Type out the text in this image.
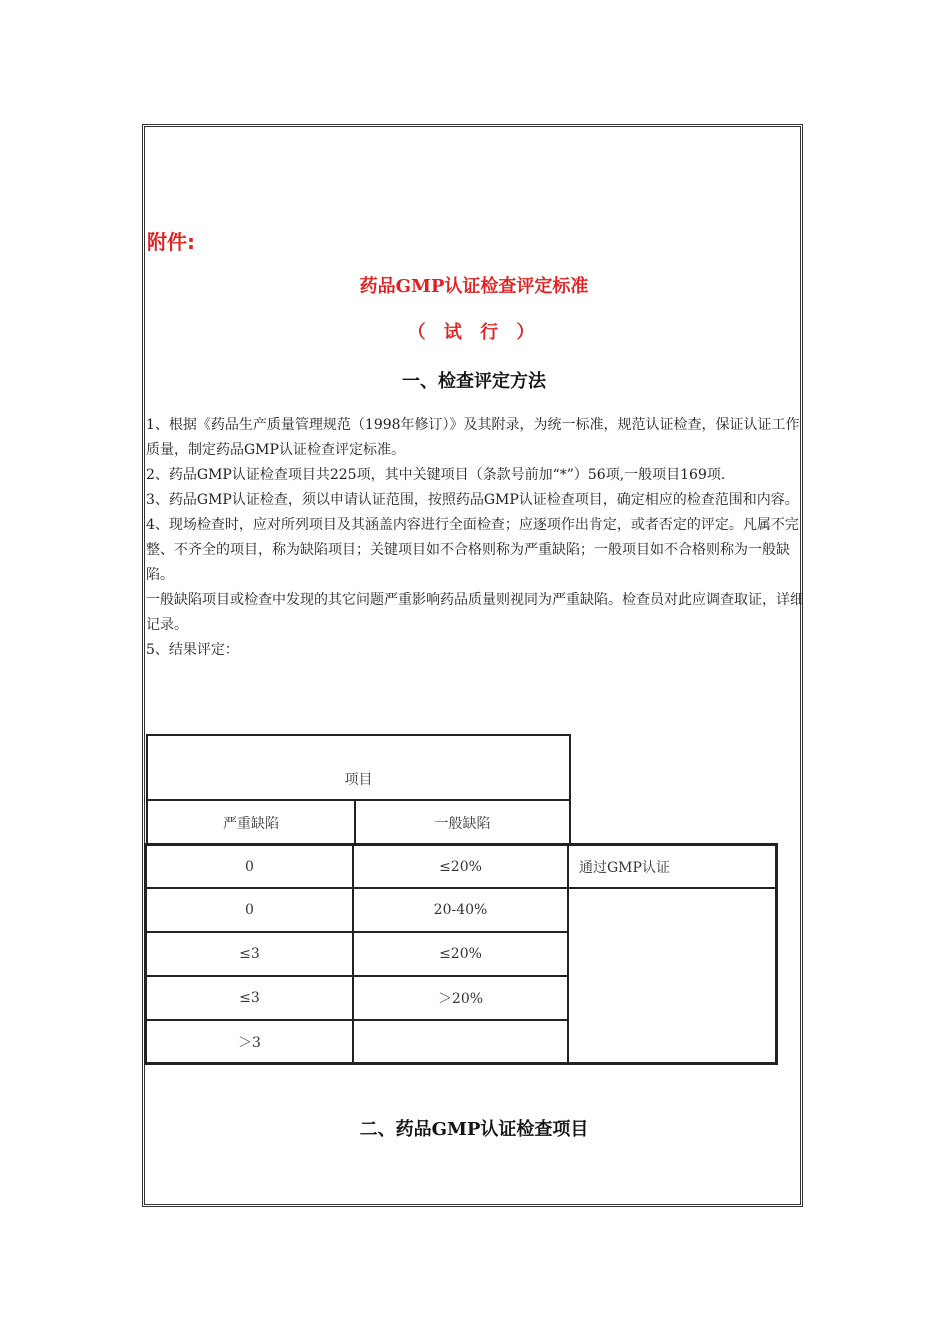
附件:
药品GMP认证检查评定标准
（ 试 行 ）
一、检查评定方法

1、根据《药品生产质量管理规范（1998年修订）》及其附录，为统一标准，规范认证检查，保证认证工作质量，制定药品GMP认证检查评定标准。

2、药品GMP认证检查项目共225项，其中关键项目（条款号前加“*”）56项,一般项目169项.

3、药品GMP认证检查，须以申请认证范围，按照药品GMP认证检查项目，确定相应的检查范围和内容。

4、现场检查时，应对所列项目及其涵盖内容进行全面检查；应逐项作出肯定，或者否定的评定。凡属不完整、不齐全的项目，称为缺陷项目；关键项目如不合格则称为严重缺陷；一般项目如不合格则称为一般缺陷。

一般缺陷项目或检查中发现的其它问题严重影响药品质量则视同为严重缺陷。检查员对此应调查取证，详细记录。

5、结果评定：

项目
严重缺陷	一般缺陷
0	≤20%	通过GMP认证
0	20-40%
≤3	≤20%
≤3	＞20%
＞3
二、药品GMP认证检查项目
